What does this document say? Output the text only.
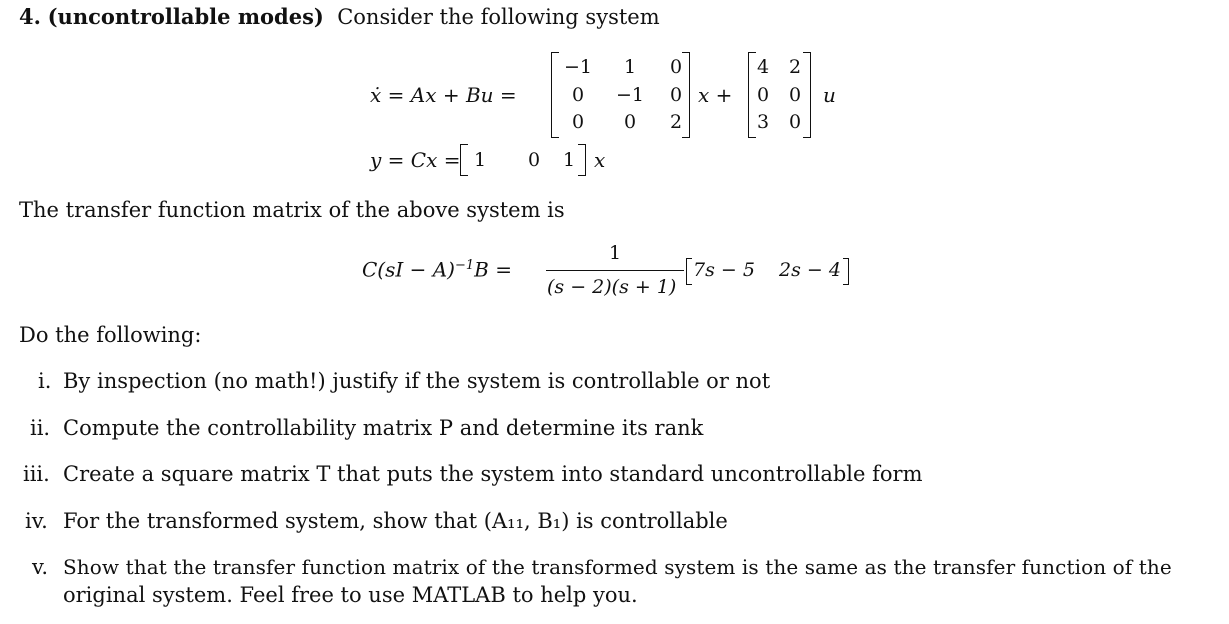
4. (uncontrollable modes) Consider the following system
ẋ = Ax + Bu =
−1	1	0
0	−1	0
0	0	2
x +
4	2
0	0
3	0
u
y = Cx = 1	0	1 x
The transfer function matrix of the above system is
C(sI − A)$^{-1}$B =
1
(s − 2)(s + 1)
7s − 5 2s − 4
Do the following:
i. By inspection (no math!) justify if the system is controllable or not
ii. Compute the controllability matrix P and determine its rank
iii. Create a square matrix T that puts the system into standard uncontrollable form
iv. For the transformed system, show that (A₁₁, B₁) is controllable
v. Show that the transfer function matrix of the transformed system is the same as the transfer function of the
original system. Feel free to use MATLAB to help you.
